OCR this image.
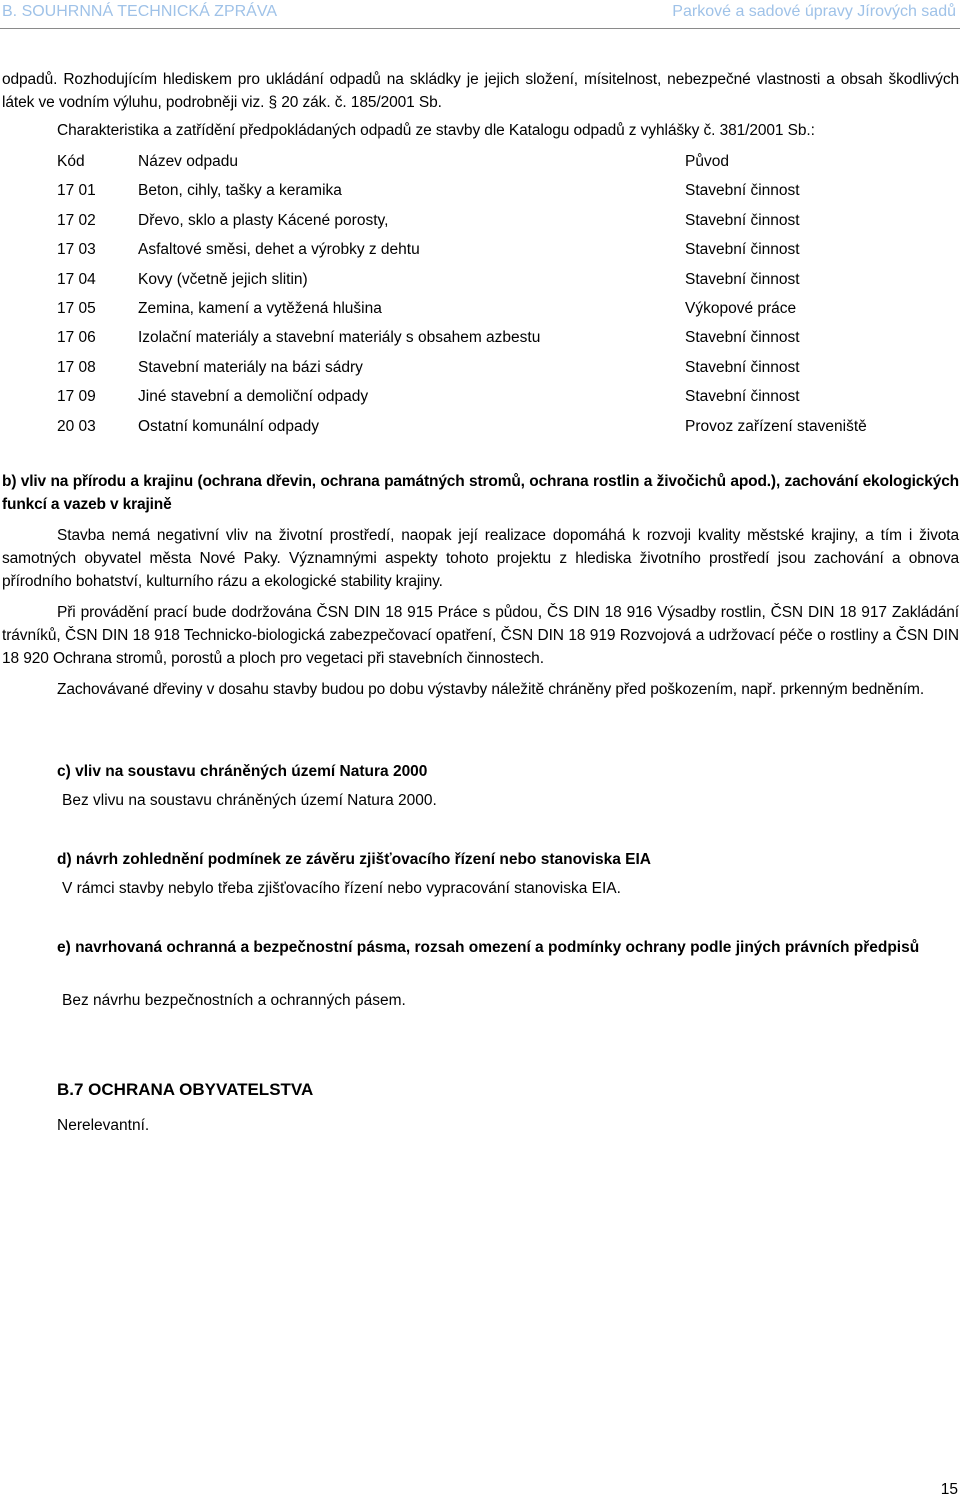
B. SOUHRNNÁ TECHNICKÁ ZPRÁVA	Parkové a sadové úpravy Jírových sadů
odpadů. Rozhodujícím hlediskem pro ukládání odpadů na skládky je jejich složení, mísitelnost, nebezpečné vlastnosti a obsah škodlivých látek ve vodním výluhu, podrobněji viz. § 20 zák. č. 185/2001 Sb.
Charakteristika a zatřídění předpokládaných odpadů ze stavby dle Katalogu odpadů z vyhlášky č. 381/2001 Sb.:
Kód	Název odpadu	Původ
17 01	Beton, cihly, tašky a keramika	Stavební činnost
17 02	Dřevo, sklo a plasty Kácené porosty,	Stavební činnost
17 03	Asfaltové směsi, dehet a výrobky z dehtu	Stavební činnost
17 04	Kovy (včetně jejich slitin)	Stavební činnost
17 05	Zemina, kamení a vytěžená hlušina	Výkopové práce
17 06	Izolační materiály a stavební materiály s obsahem azbestu	Stavební činnost
17 08	Stavební materiály na bázi sádry	Stavební činnost
17 09	Jiné stavební a demoliční odpady	Stavební činnost
20 03	Ostatní komunální odpady	Provoz zařízení staveniště
b) vliv na přírodu a krajinu (ochrana dřevin, ochrana památných stromů, ochrana rostlin a živočichů apod.), zachování ekologických funkcí a vazeb v krajině
Stavba nemá negativní vliv na životní prostředí, naopak její realizace dopomáhá k rozvoji kvality městské krajiny, a tím i života samotných obyvatel města Nové Paky. Významnými aspekty tohoto projektu z hlediska životního prostředí jsou zachování a obnova přírodního bohatství, kulturního rázu a ekologické stability krajiny.
Při provádění prací bude dodržována ČSN DIN 18 915 Práce s půdou, ČS DIN 18 916 Výsadby rostlin, ČSN DIN 18 917 Zakládání trávníků, ČSN DIN 18 918 Technicko-biologická zabezpečovací opatření, ČSN DIN 18 919 Rozvojová a udržovací péče o rostliny a ČSN DIN 18 920 Ochrana stromů, porostů a ploch pro vegetaci při stavebních činnostech.
Zachovávané dřeviny v dosahu stavby budou po dobu výstavby náležitě chráněny před poškozením, např. prkenným bedněním.
c) vliv na soustavu chráněných území Natura 2000
Bez vlivu na soustavu chráněných území Natura 2000.
d) návrh zohlednění podmínek ze závěru zjišťovacího řízení nebo stanoviska EIA
V rámci stavby nebylo třeba zjišťovacího řízení nebo vypracování stanoviska EIA.
e) navrhovaná ochranná a bezpečnostní pásma, rozsah omezení a podmínky ochrany podle jiných právních předpisů
Bez návrhu bezpečnostních a ochranných pásem.
B.7 OCHRANA OBYVATELSTVA
Nerelevantní.
15
